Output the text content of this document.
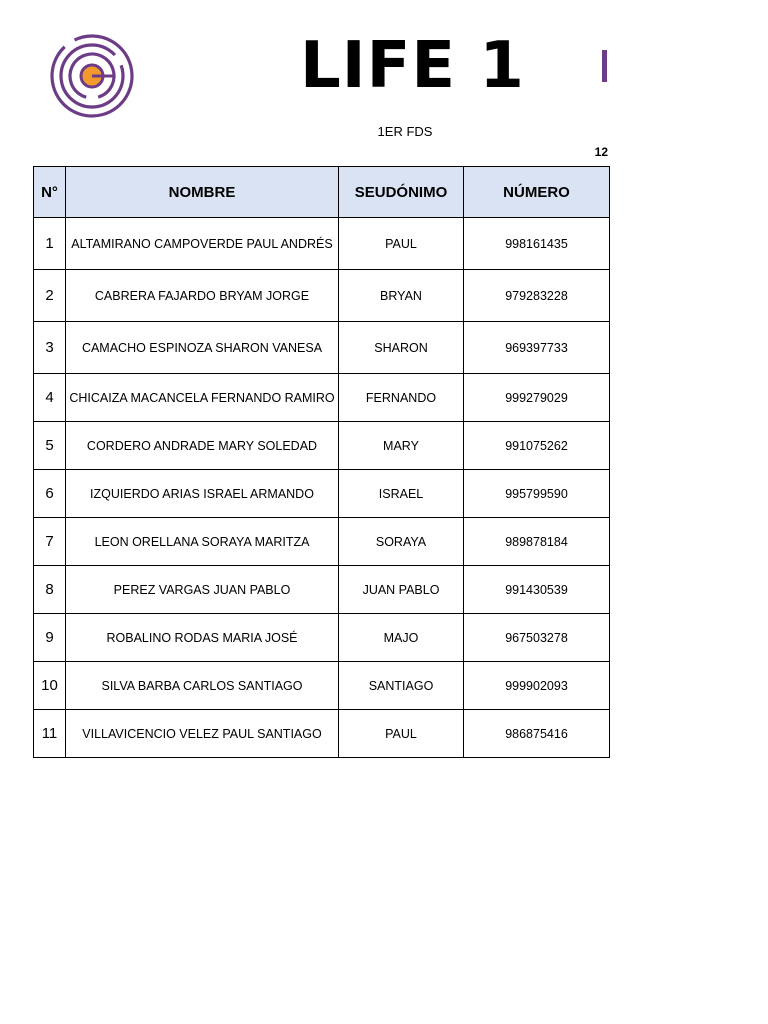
LIFE 1
1ER FDS
12
N°	NOMBRE	SEUDÓNIMO	NÚMERO
1	ALTAMIRANO CAMPOVERDE PAUL ANDRÉS	PAUL	998161435
2	CABRERA FAJARDO BRYAM JORGE	BRYAN	979283228
3	CAMACHO ESPINOZA SHARON VANESA	SHARON	969397733
4	CHICAIZA MACANCELA FERNANDO RAMIRO	FERNANDO	999279029
5	CORDERO ANDRADE MARY SOLEDAD	MARY	991075262
6	IZQUIERDO ARIAS ISRAEL ARMANDO	ISRAEL	995799590
7	LEON ORELLANA SORAYA MARITZA	SORAYA	989878184
8	PEREZ VARGAS JUAN PABLO	JUAN PABLO	991430539
9	ROBALINO RODAS MARIA JOSÉ	MAJO	967503278
10	SILVA BARBA CARLOS SANTIAGO	SANTIAGO	999902093
11	VILLAVICENCIO VELEZ PAUL SANTIAGO	PAUL	986875416
